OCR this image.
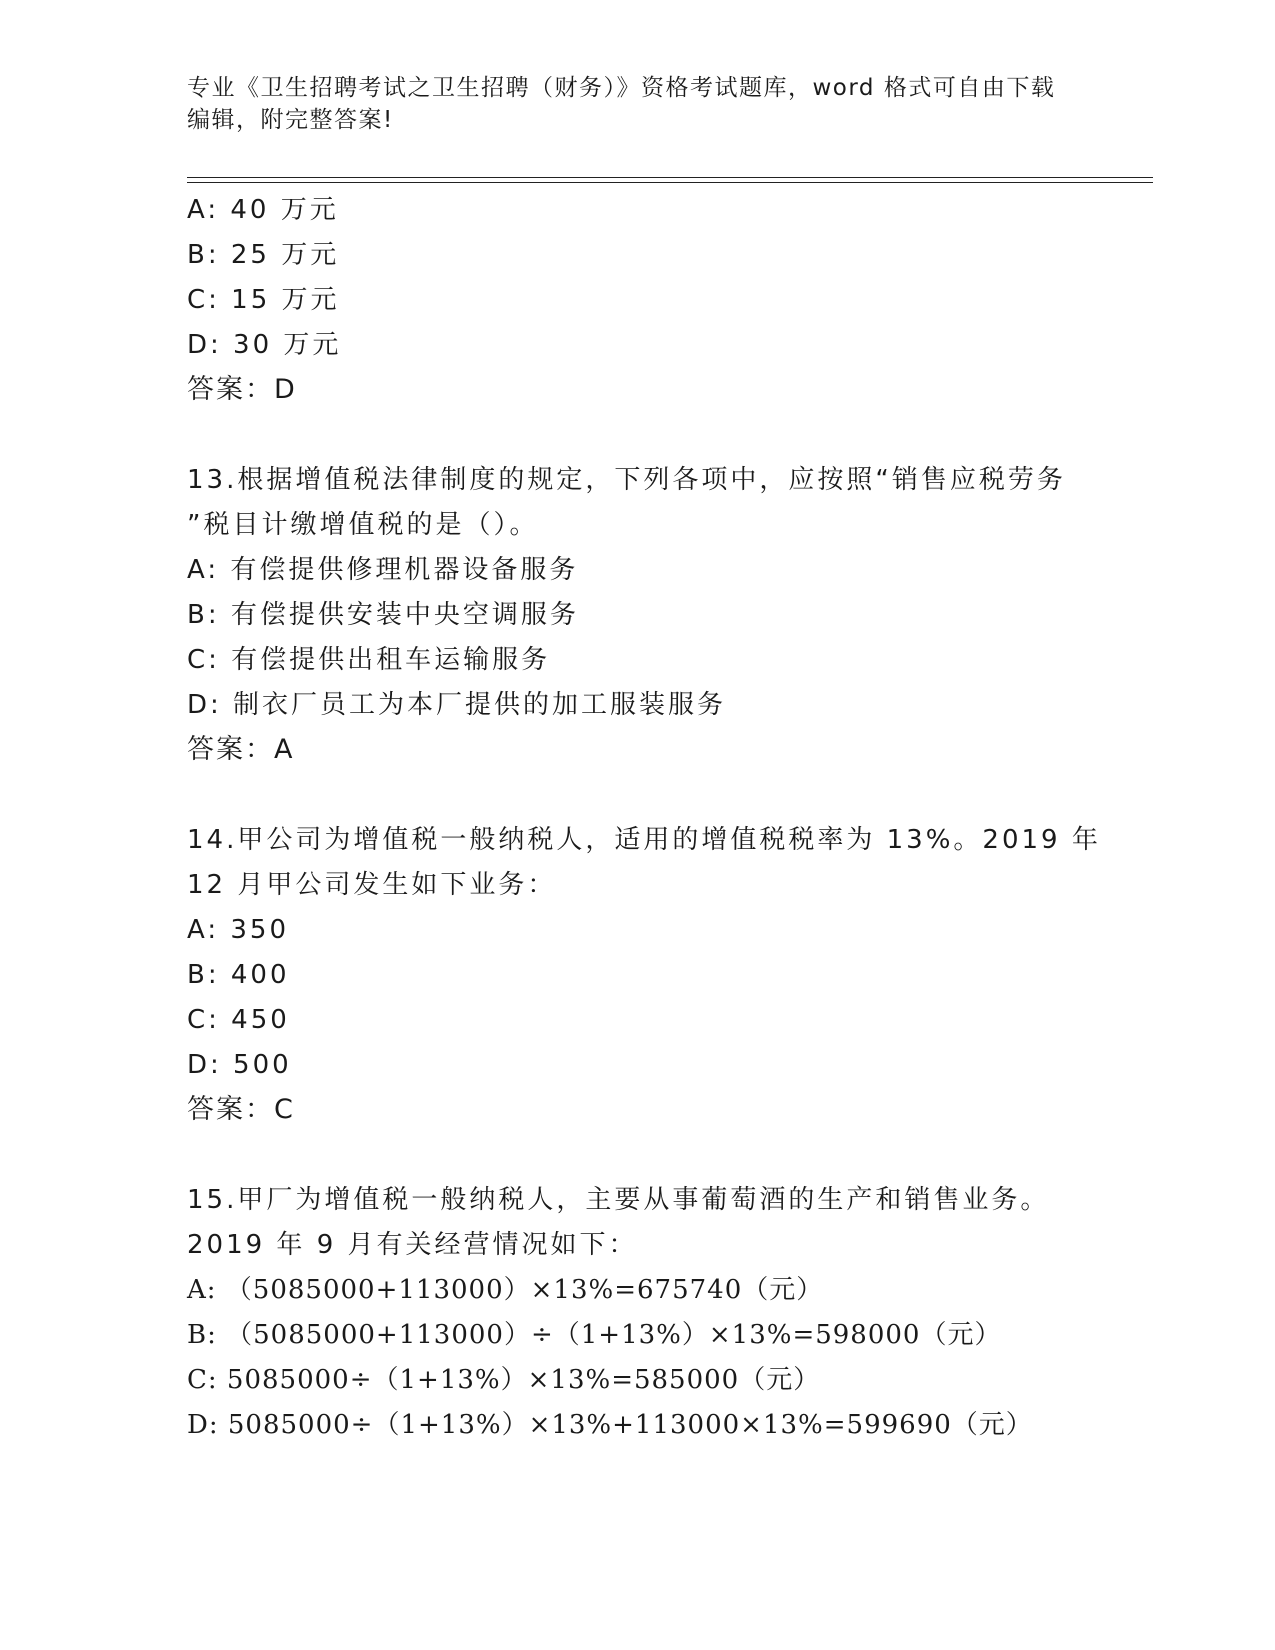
专业《卫生招聘考试之卫生招聘（财务）》资格考试题库，word 格式可自由下载
编辑，附完整答案!
A: 40 万元
B: 25 万元
C: 15 万元
D: 30 万元
答案：D
13.根据增值税法律制度的规定，下列各项中，应按照“销售应税劳务
”税目计缴增值税的是（）。
A: 有偿提供修理机器设备服务
B: 有偿提供安装中央空调服务
C: 有偿提供出租车运输服务
D: 制衣厂员工为本厂提供的加工服装服务
答案：A
14.甲公司为增值税一般纳税人，适用的增值税税率为 13%。2019 年
12 月甲公司发生如下业务：
A: 350
B: 400
C: 450
D: 500
答案：C
15.甲厂为增值税一般纳税人，主要从事葡萄酒的生产和销售业务。
2019 年 9 月有关经营情况如下：
A: （5085000+113000）×13%=675740（元）
B: （5085000+113000）÷（1+13%）×13%=598000（元）
C: 5085000÷（1+13%）×13%=585000（元）
D: 5085000÷（1+13%）×13%+113000×13%=599690（元）
